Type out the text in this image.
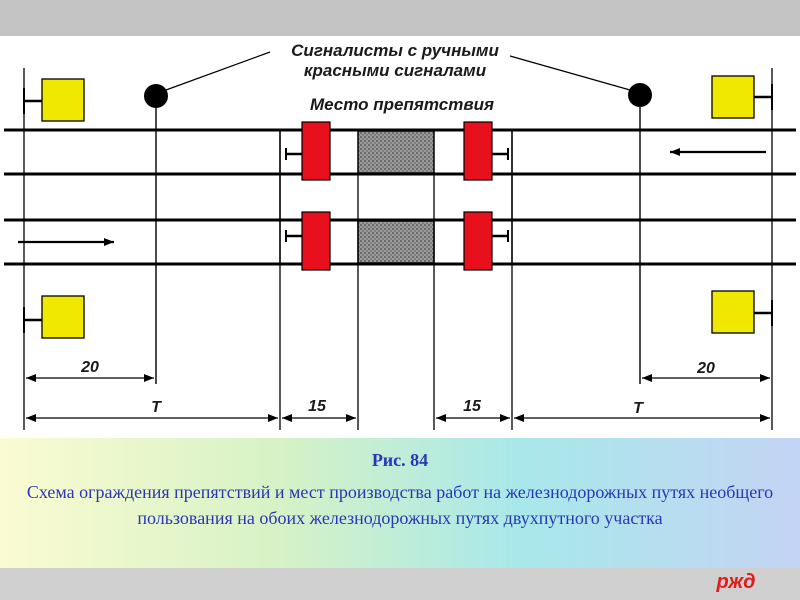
Сигналисты с ручными
красными сигналами
Место препятствия
20	20
T	T
15	15
Рис. 84
Схема ограждения препятствий и мест производства работ на железнодорожных путях необщего пользования на обоих железнодорожных путях двухпутного участка
ржд
